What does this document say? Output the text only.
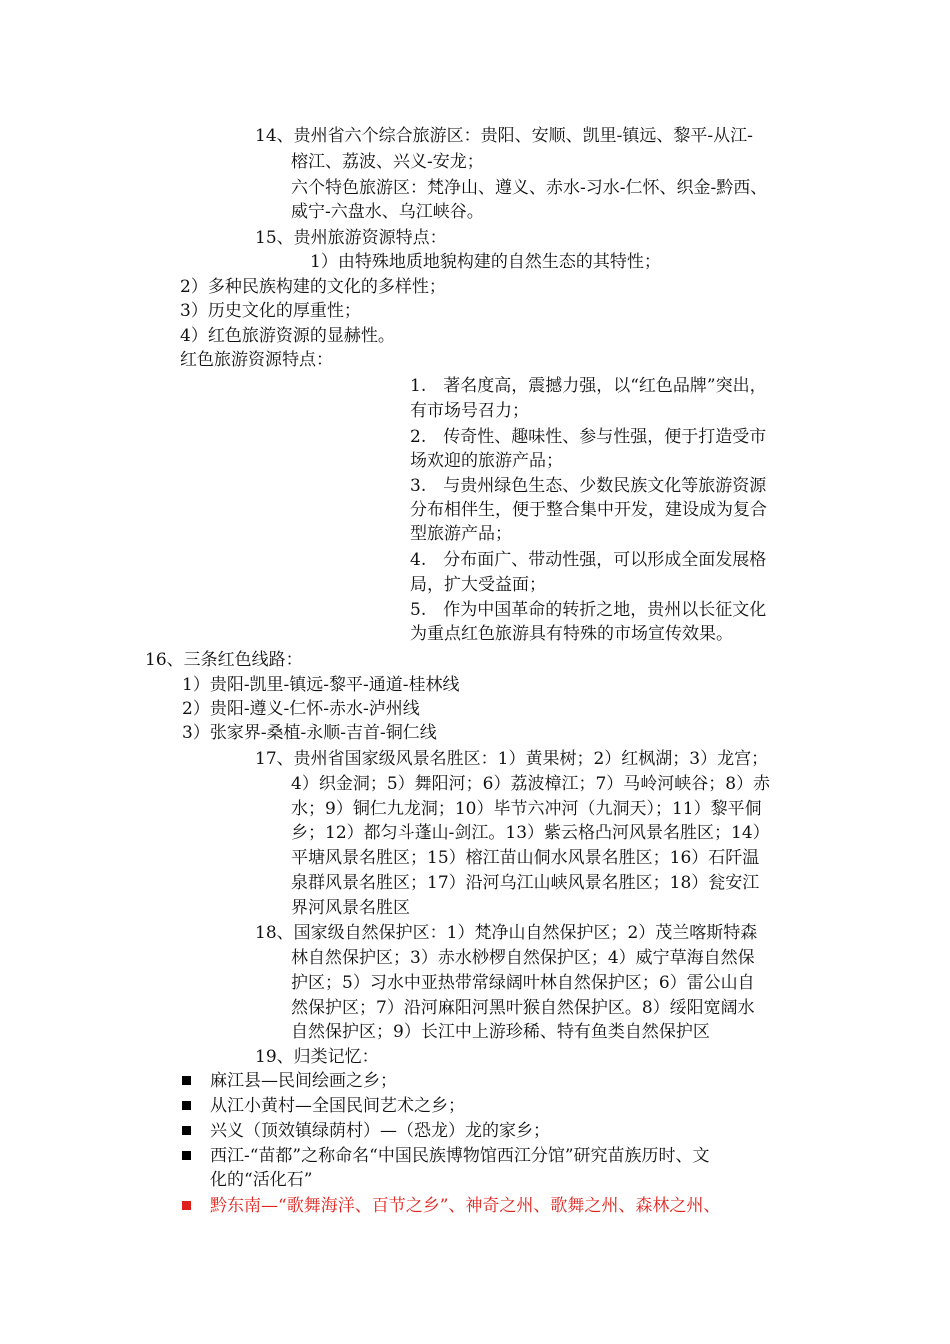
14、贵州省六个综合旅游区：贵阳、安顺、凯里-镇远、黎平-从江-
榕江、荔波、兴义-安龙；
六个特色旅游区：梵净山、遵义、赤水-习水-仁怀、织金-黔西、
威宁-六盘水、乌江峡谷。
15、贵州旅游资源特点：
1）由特殊地质地貌构建的自然生态的其特性；
2）多种民族构建的文化的多样性；
3）历史文化的厚重性；
4）红色旅游资源的显赫性。
红色旅游资源特点：
1.　著名度高，震撼力强，以“红色品牌”突出，
有市场号召力；
2.　传奇性、趣味性、参与性强，便于打造受市
场欢迎的旅游产品；
3.　与贵州绿色生态、少数民族文化等旅游资源
分布相伴生，便于整合集中开发，建设成为复合
型旅游产品；
4.　分布面广、带动性强，可以形成全面发展格
局，扩大受益面；
5.　作为中国革命的转折之地，贵州以长征文化
为重点红色旅游具有特殊的市场宣传效果。
16、三条红色线路：
1）贵阳-凯里-镇远-黎平-通道-桂林线
2）贵阳-遵义-仁怀-赤水-泸州线
3）张家界-桑植-永顺-吉首-铜仁线
17、贵州省国家级风景名胜区：1）黄果树；2）红枫湖；3）龙宫；
4）织金洞；5）舞阳河；6）荔波樟江；7）马岭河峡谷；8）赤
水；9）铜仁九龙洞；10）毕节六冲河（九洞天）；11）黎平侗
乡；12）都匀斗蓬山-剑江。13）紫云格凸河风景名胜区；14）
平塘风景名胜区；15）榕江苗山侗水风景名胜区；16）石阡温
泉群风景名胜区；17）沿河乌江山峡风景名胜区；18）瓮安江
界河风景名胜区
18、国家级自然保护区：1）梵净山自然保护区；2）茂兰喀斯特森
林自然保护区；3）赤水桫椤自然保护区；4）威宁草海自然保
护区；5）习水中亚热带常绿阔叶林自然保护区；6）雷公山自
然保护区；7）沿河麻阳河黑叶猴自然保护区。8）绥阳宽阔水
自然保护区；9）长江中上游珍稀、特有鱼类自然保护区
19、归类记忆：
麻江县—民间绘画之乡；
从江小黄村—全国民间艺术之乡；
兴义（顶效镇绿荫村）—（恐龙）龙的家乡；
西江-“苗都”之称命名“中国民族博物馆西江分馆”研究苗族历时、文
化的“活化石”
黔东南—“歌舞海洋、百节之乡”、神奇之州、歌舞之州、森林之州、
